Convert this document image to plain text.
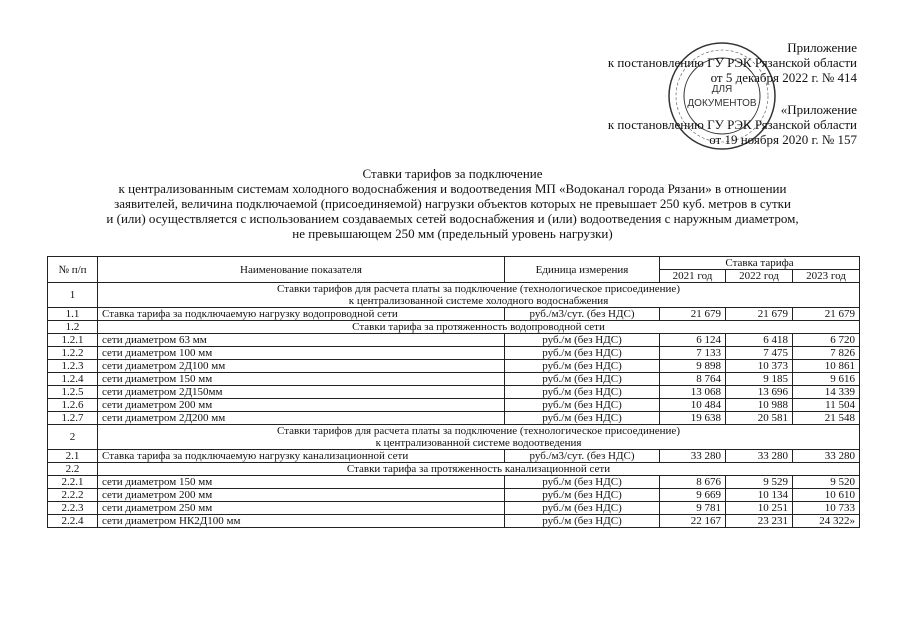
ДЛЯ
ДОКУМЕНТОВ
Приложение
к постановлению ГУ РЭК Рязанской области
от 5 декабря 2022 г. № 414
«Приложение
к постановлению ГУ РЭК Рязанской области
от 19 ноября 2020 г. № 157
Ставки тарифов за подключение
к централизованным системам холодного водоснабжения и водоотведения МП «Водоканал города Рязани» в отношении
заявителей, величина подключаемой (присоединяемой) нагрузки объектов которых не превышает 250 куб. метров в сутки
и (или) осуществляется с использованием создаваемых сетей водоснабжения и (или) водоотведения с наружным диаметром,
не превышающем 250 мм (предельный уровень нагрузки)
№ п/п	Наименование показателя	Единица измерения	Ставка тарифа		
			2021 год	2022 год	2023 год
1	Ставки тарифов для расчета платы за подключение (технологическое присоединение)
к централизованной системе холодного водоснабжения				

1.1	Ставка тарифа за подключаемую нагрузку водопроводной сети	руб./м3/сут. (без НДС)	21 679	21 679	21 679
1.2	Ставки тарифа за протяженность водопроводной сети				
1.2.1	сети диаметром 63 мм	руб./м (без НДС)	6 124	6 418	6 720
1.2.2	сети диаметром 100 мм	руб./м (без НДС)	7 133	7 475	7 826
1.2.3	сети диаметром 2Д100 мм	руб./м (без НДС)	9 898	10 373	10 861
1.2.4	сети диаметром 150 мм	руб./м (без НДС)	8 764	9 185	9 616
1.2.5	сети диаметром 2Д150мм	руб./м (без НДС)	13 068	13 696	14 339
1.2.6	сети диаметром 200 мм	руб./м (без НДС)	10 484	10 988	11 504
1.2.7	сети диаметром 2Д200 мм	руб./м (без НДС)	19 638	20 581	21 548
2	Ставки тарифов для расчета платы за подключение (технологическое присоединение)
к централизованной системе водоотведения				

2.1	Ставка тарифа за подключаемую нагрузку канализационной сети	руб./м3/сут. (без НДС)	33 280	33 280	33 280
2.2	Ставки тарифа за протяженность канализационной сети				
2.2.1	сети диаметром 150 мм	руб./м (без НДС)	8 676	9 529	9 520
2.2.2	сети диаметром 200 мм	руб./м (без НДС)	9 669	10 134	10 610
2.2.3	сети диаметром 250 мм	руб./м (без НДС)	9 781	10 251	10 733
2.2.4	сети диаметром НК2Д100 мм	руб./м (без НДС)	22 167	23 231	24 322»
